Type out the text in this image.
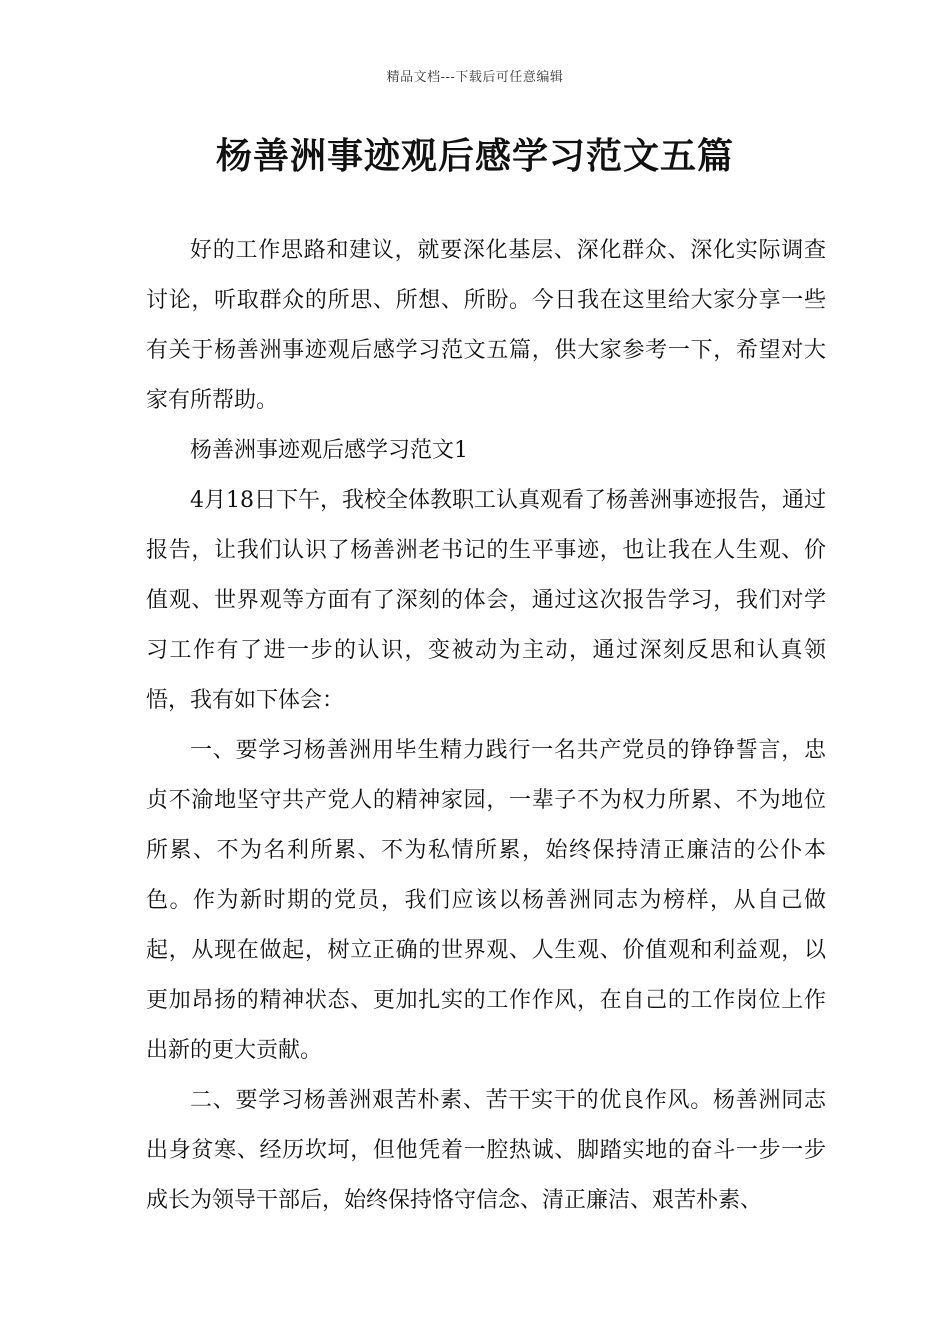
精品文档---下载后可任意编辑
杨善洲事迹观后感学习范文五篇

好的工作思路和建议，就要深化基层、深化群众、深化实际调查讨论，听取群众的所思、所想、所盼。今日我在这里给大家分享一些有关于杨善洲事迹观后感学习范文五篇，供大家参考一下，希望对大家有所帮助。

杨善洲事迹观后感学习范文1

4月18日下午，我校全体教职工认真观看了杨善洲事迹报告，通过报告，让我们认识了杨善洲老书记的生平事迹，也让我在人生观、价值观、世界观等方面有了深刻的体会，通过这次报告学习，我们对学习工作有了进一步的认识，变被动为主动，通过深刻反思和认真领悟，我有如下体会：

一、要学习杨善洲用毕生精力践行一名共产党员的铮铮誓言，忠贞不渝地坚守共产党人的精神家园，一辈子不为权力所累、不为地位所累、不为名利所累、不为私情所累，始终保持清正廉洁的公仆本色。作为新时期的党员，我们应该以杨善洲同志为榜样，从自己做起，从现在做起，树立正确的世界观、人生观、价值观和利益观，以更加昂扬的精神状态、更加扎实的工作作风，在自己的工作岗位上作出新的更大贡献。

二、要学习杨善洲艰苦朴素、苦干实干的优良作风。杨善洲同志出身贫寒、经历坎坷，但他凭着一腔热诚、脚踏实地的奋斗一步一步成长为领导干部后，始终保持恪守信念、清正廉洁、艰苦朴素、
